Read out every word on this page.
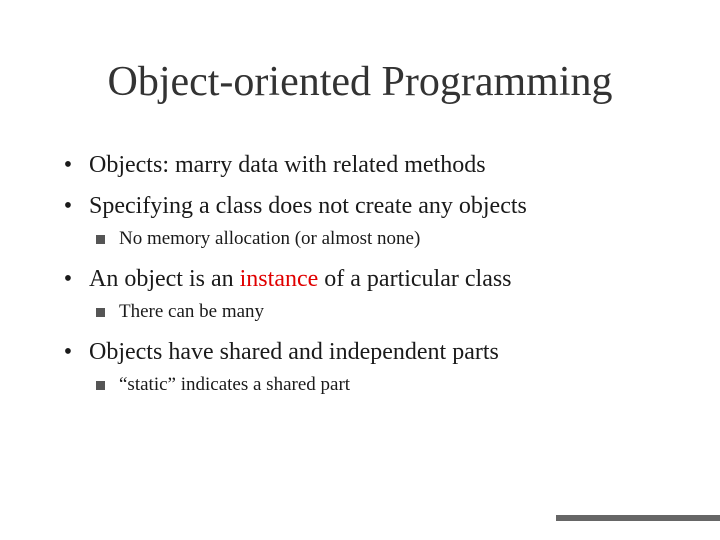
Object-oriented Programming
• Objects: marry data with related methods
• Specifying a class does not create any objects
No memory allocation (or almost none)
• An object is an instance of a particular class
There can be many
• Objects have shared and independent parts
“static” indicates a shared part
